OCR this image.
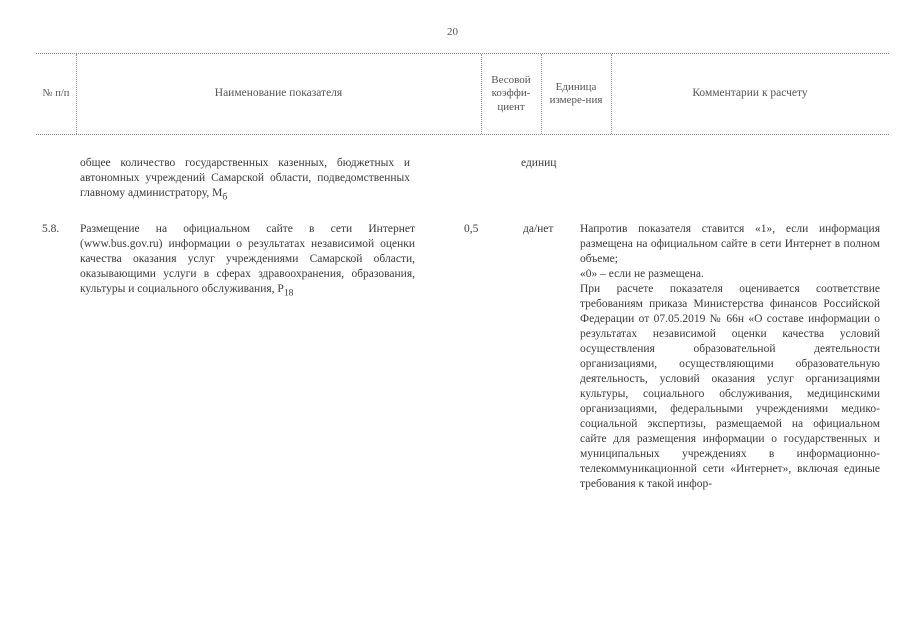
20
№ п/п	Наименование показателя
Весовой коэффи-циент
Единица измере-ния
Комментарии к расчету
общее количество государственных казенных, бюджетных и автономных учреждений Самарской области, подведомственных главному администратору, $М_б$
единиц
5.8. Размещение на официальном сайте в сети Интернет (www.bus.gov.ru) информации о результатах независимой оценки качества оказания услуг учреждениями Самарской области, оказывающими услуги в сферах здравоохранения, образования, культуры и социального обслуживания, $Р_{18}$
0,5	да/нет Напротив показателя ставится «1», если информация размещена на официальном сайте в сети Интернет в полном объеме;

«0» – если не размещена.

При расчете показателя оценивается соответствие требованиям приказа Министерства финансов Российской Федерации от 07.05.2019 № 66н «О составе информации о результатах независимой оценки качества условий осуществления образовательной деятельности организациями, осуществляющими образовательную деятельность, условий оказания услуг организациями культуры, социального обслуживания, медицинскими организациями, федеральными учреждениями медико-социальной экспертизы, размещаемой на официальном сайте для размещения информации о государственных и муниципальных учреждениях в информационно-телекоммуникационной сети «Интернет», включая единые требования к такой инфор-
